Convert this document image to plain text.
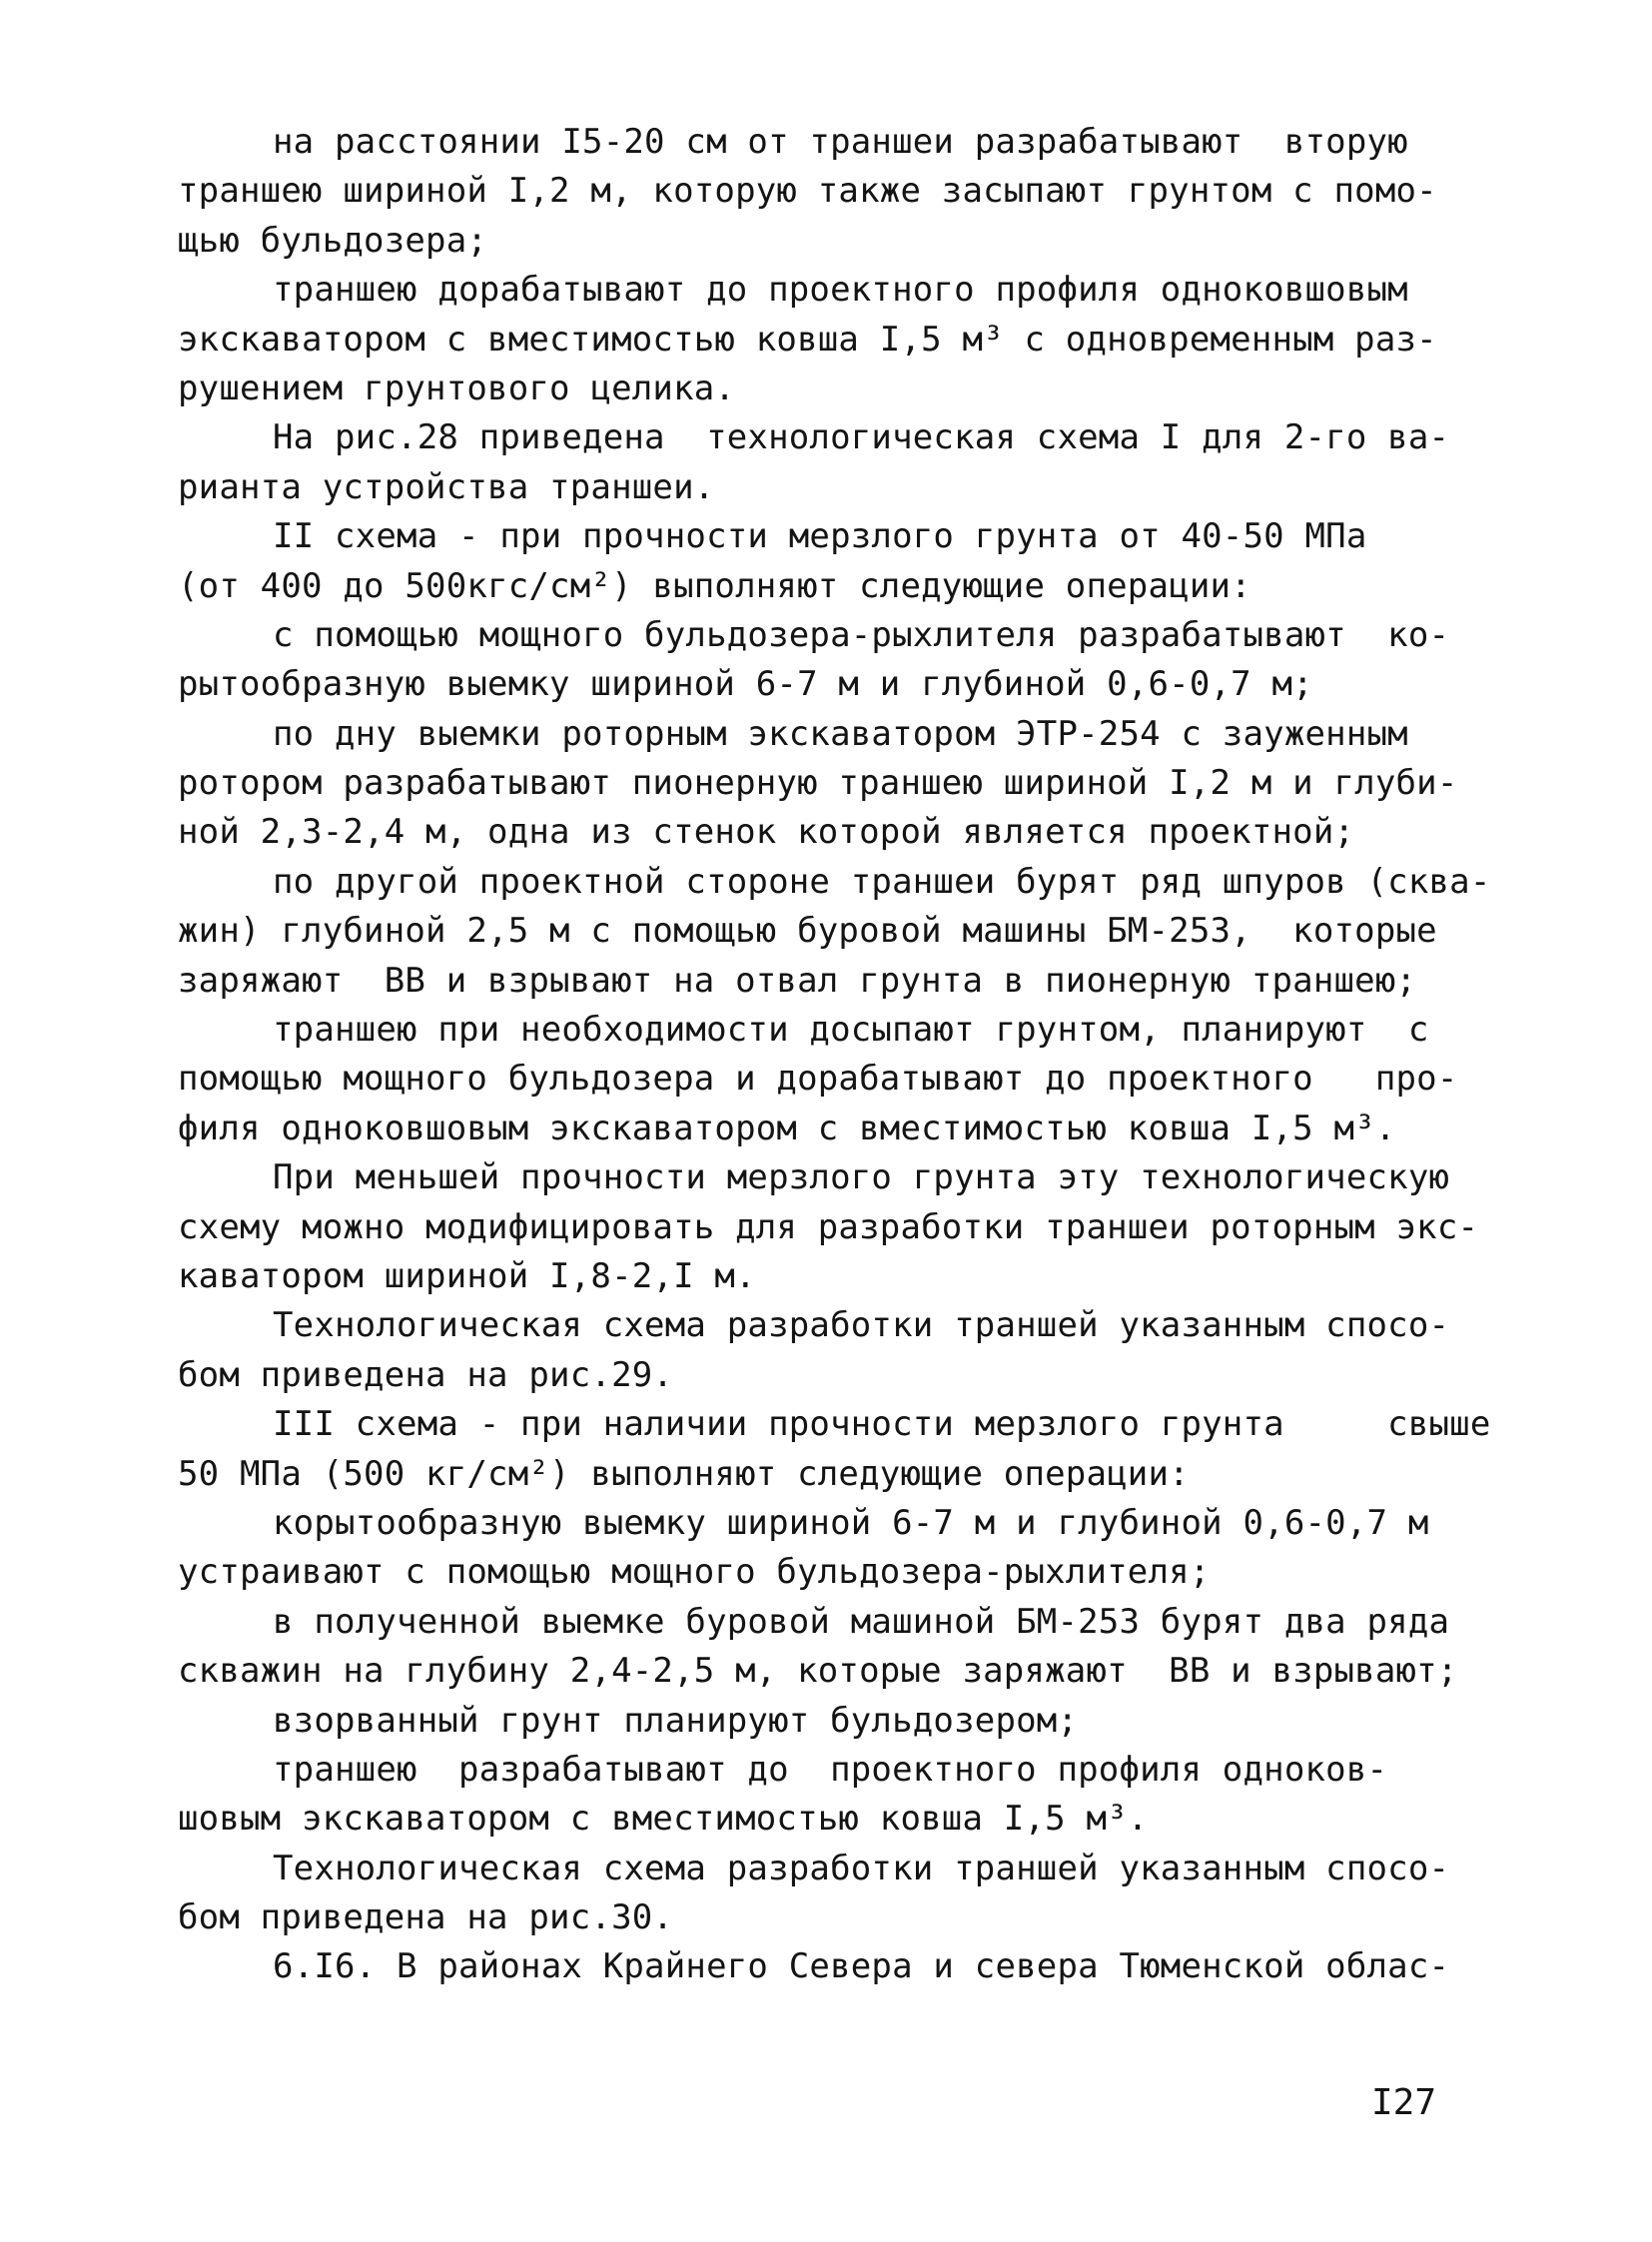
на расстоянии I5-20 см от траншеи разрабатывают  вторую
траншею шириной I,2 м, которую также засыпают грунтом с помо-
щью бульдозера;
траншею дорабатывают до проектного профиля одноковшовым
экскаватором с вместимостью ковша I,5 м³ с одновременным раз-
рушением грунтового целика.
На рис.28 приведена  технологическая схема I для 2-го ва-
рианта устройства траншеи.
II схема - при прочности мерзлого грунта от 40-50 МПа
(от 400 до 500кгс/см²) выполняют следующие операции:
с помощью мощного бульдозера-рыхлителя разрабатывают  ко-
рытообразную выемку шириной 6-7 м и глубиной 0,6-0,7 м;
по дну выемки роторным экскаватором ЭТР-254 с зауженным
ротором разрабатывают пионерную траншею шириной I,2 м и глуби-
ной 2,3-2,4 м, одна из стенок которой является проектной;
по другой проектной стороне траншеи бурят ряд шпуров (сква-
жин) глубиной 2,5 м с помощью буровой машины БМ-253,  которые
заряжают  ВВ и взрывают на отвал грунта в пионерную траншею;
траншею при необходимости досыпают грунтом, планируют  с
помощью мощного бульдозера и дорабатывают до проектного   про-
филя одноковшовым экскаватором с вместимостью ковша I,5 м³.
При меньшей прочности мерзлого грунта эту технологическую
схему можно модифицировать для разработки траншеи роторным экс-
каватором шириной I,8-2,I м.
Технологическая схема разработки траншей указанным спосо-
бом приведена на рис.29.
III схема - при наличии прочности мерзлого грунта     свыше
50 МПа (500 кг/см²) выполняют следующие операции:
корытообразную выемку шириной 6-7 м и глубиной 0,6-0,7 м
устраивают с помощью мощного бульдозера-рыхлителя;
в полученной выемке буровой машиной БМ-253 бурят два ряда
скважин на глубину 2,4-2,5 м, которые заряжают  ВВ и взрывают;
взорванный грунт планируют бульдозером;
траншею  разрабатывают до  проектного профиля одноков-
шовым экскаватором с вместимостью ковша I,5 м³.
Технологическая схема разработки траншей указанным спосо-
бом приведена на рис.30.
6.I6. В районах Крайнего Севера и севера Тюменской облас-
I27
